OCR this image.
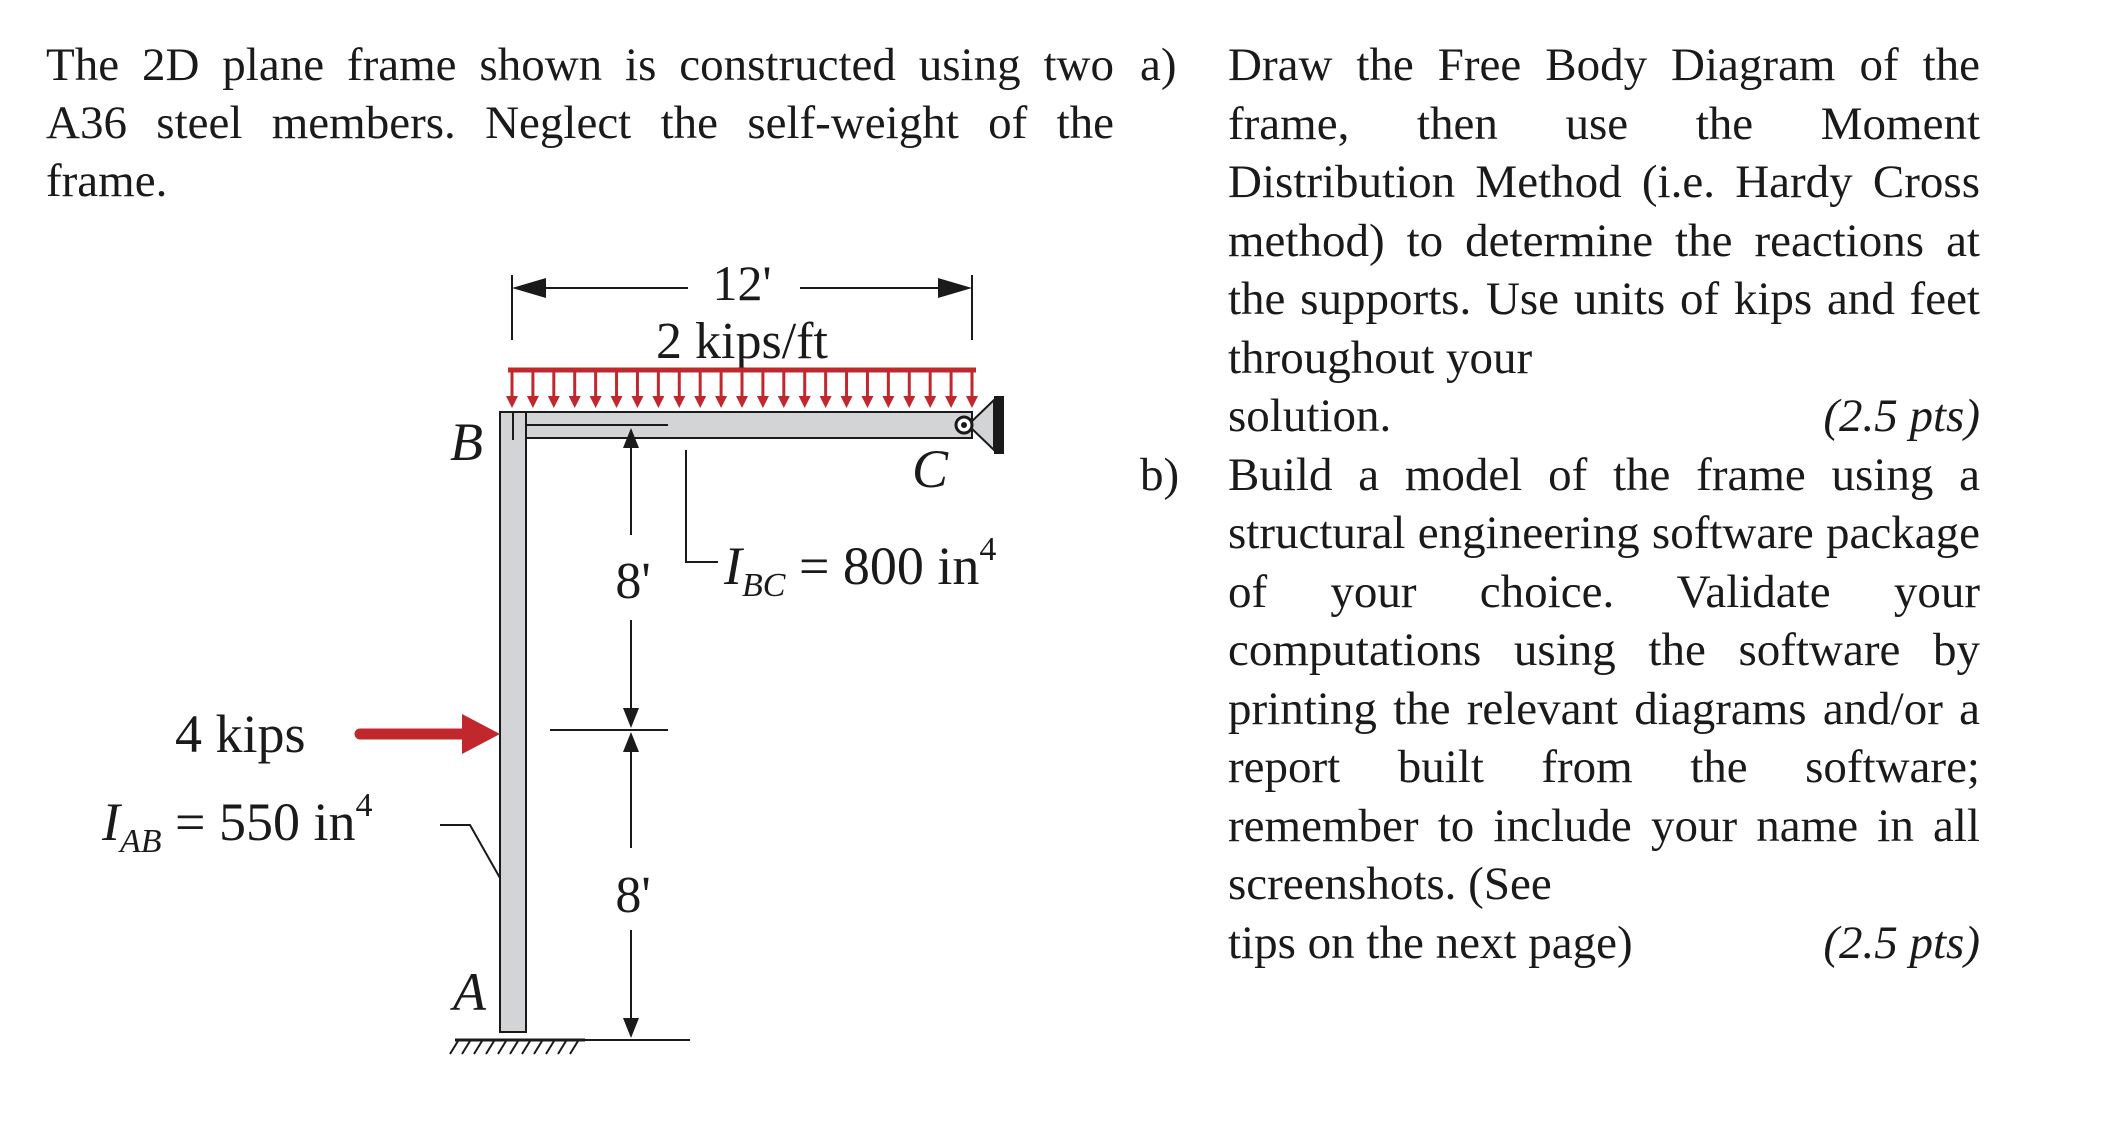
The 2D plane frame shown is constructed using two A36 steel members. Neglect the self-weight of the frame.
a) Draw the Free Body Diagram of the frame, then use the Moment Distribution Method (i.e. Hardy Cross method) to determine the reactions at the supports. Use units of kips and feet throughout your
solution.	(2.5 pts)
b) Build a model of the frame using a structural engineering software package of your choice. Validate your computations using the software by printing the relevant diagrams and/or a report built from the software; remember to include your name in all screenshots. (See
tips on the next page)	(2.5 pts)
12'
2 kips/ft
B	C
A
8'
8'
$I_{BC} = 800$ $in^4$
4 kips
$I_{AB} = 550$ $in^4$
